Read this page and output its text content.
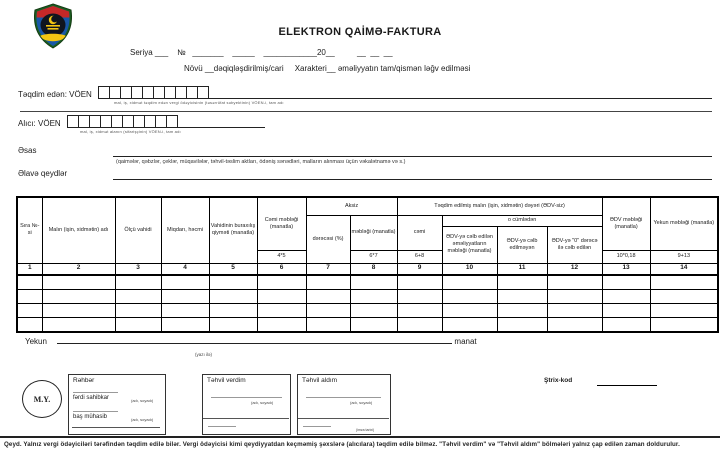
ELEKTRON QAİMƏ-FAKTURA
Seriya ___    №   _______    _____    ____________20__          __  __  __
Növü __dəqiqləşdirilmiş/cari     Xarakteri__ əməliyyatın tam/qismən ləğv edilməsi
Təqdim edən: VÖEN
mal, iş, xidmət təqdim edən vergi ödəyicisinin (təsərrüfat subyektinin) VÖEN-i, tam adı
Alıcı: VÖEN
mal, iş, xidmət alanın (sifarişçinin) VÖEN-i, tam adı
Əsas
(qaimələr, qəbzlər, çeklər, müqavilələr, təhvil-təslim aktları, ödəniş sənədləri, malların alınması üçün vəkalətnamə və s.)
Əlavə qeydlər
Sıra №-si	Malın (işin, xidmətin) adı	Ölçü vahidi	Miqdarı, həcmi	Vahidinin buraxılış qiyməti (manatla)	Cəmi məbləği (manatla)	Aksiz		Təqdim edilmiş malın (işin, xidmətin) dəyəri (ƏDV-siz)				ƏDV məbləği (manatla)	Yekun məbləği (manatla)
						dərəcəsi (%)	məbləği (manatla)	cəmi	o cümlədən				
									ƏDV-yə cəlb edilən əməliyyatların məbləği (manatla)	ƏDV-yə cəlb edilməyən	ƏDV-yə "0" dərəcə ilə cəlb edilən		
					4*5		6*7	6+8				10*0,18	9+13
1	2	3	4	5	6	7	8	9	10	11	12	13	14

Yekun	manat
(yazı ilə)
M.Y.
Rəhbər
fərdi sahibkar	(adı, soyadı)
baş mühasib	(adı, soyadı)
Təhvil verdim
(adı, soyadı)
Təhvil aldım
(adı, soyadı)
(imza tarixi)
Ştrix-kod
Qeyd. Yalnız vergi ödəyiciləri tərəfindən təqdim edilə bilər. Vergi ödəyicisi kimi qeydiyyatdan keçməmiş şəxslərə (alıcılara) təqdim edilə bilməz. "Təhvil verdim" və "Təhvil aldım" bölmələri yalnız çap edilən zaman doldurulur.
